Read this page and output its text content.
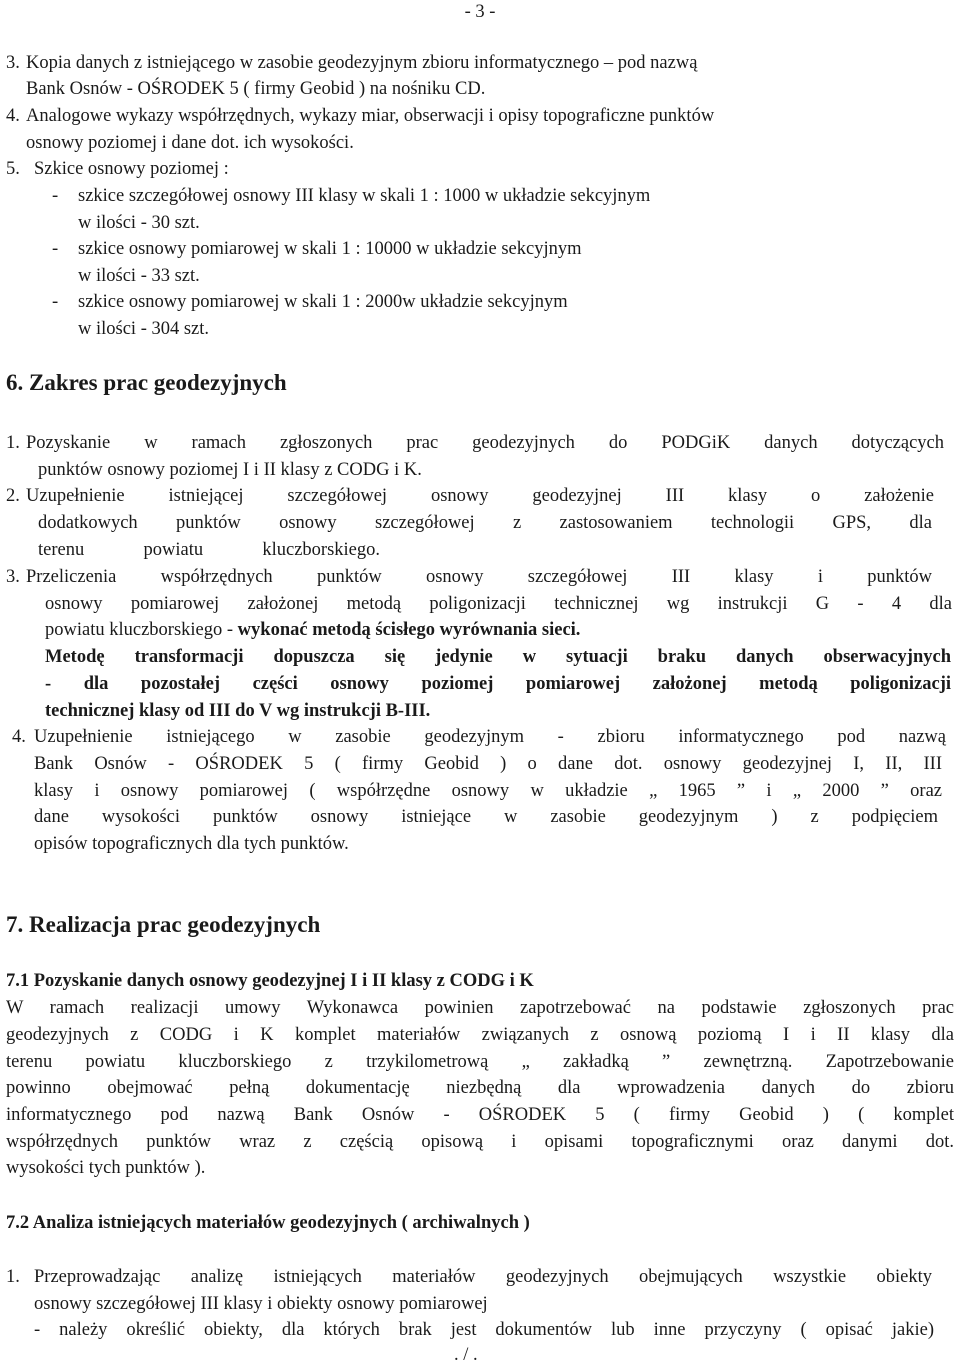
- 3 -
3. Kopia danych z istniejącego w zasobie geodezyjnym zbioru informatycznego – pod nazwą
Bank Osnów - OŚRODEK 5 ( firmy Geobid ) na nośniku CD.
4. Analogowe wykazy współrzędnych, wykazy miar, obserwacji i opisy topograficzne punktów
osnowy poziomej i dane dot. ich wysokości.
5. Szkice osnowy poziomej :
- szkice szczegółowej osnowy III klasy w skali 1 : 1000 w układzie sekcyjnym
w ilości - 30 szt.
- szkice osnowy pomiarowej w skali 1 : 10000 w układzie sekcyjnym
w ilości - 33 szt.
- szkice osnowy pomiarowej w skali 1 : 2000w układzie sekcyjnym
w ilości - 304 szt.
6. Zakres prac geodezyjnych
1. Pozyskanie w ramach zgłoszonych prac geodezyjnych do PODGiK danych dotyczących
punktów osnowy poziomej I i II klasy z CODG i K.
2. Uzupełnienie istniejącej szczegółowej osnowy geodezyjnej III klasy o założenie
dodatkowych punktów osnowy szczegółowej z zastosowaniem technologii GPS, dla
terenu powiatu kluczborskiego.
3. Przeliczenia współrzędnych punktów osnowy szczegółowej III klasy i punktów
osnowy pomiarowej założonej metodą poligonizacji technicznej wg instrukcji G - 4 dla
powiatu kluczborskiego - wykonać metodą ścisłego wyrównania sieci.
Metodę transformacji dopuszcza się jedynie w sytuacji braku danych obserwacyjnych
- dla pozostałej części osnowy poziomej pomiarowej założonej metodą poligonizacji
technicznej klasy od III do V wg instrukcji B-III.
4. Uzupełnienie istniejącego w zasobie geodezyjnym - zbioru informatycznego pod nazwą
Bank Osnów - OŚRODEK 5 ( firmy Geobid ) o dane dot. osnowy geodezyjnej I, II, III
klasy i osnowy pomiarowej ( współrzędne osnowy w układzie „ 1965 ” i „ 2000 ” oraz
dane wysokości punktów osnowy istniejące w zasobie geodezyjnym ) z podpięciem
opisów topograficznych dla tych punktów.
7. Realizacja prac geodezyjnych
7.1 Pozyskanie danych osnowy geodezyjnej I i II klasy z CODG i K
W ramach realizacji umowy Wykonawca powinien zapotrzebować na podstawie zgłoszonych prac
geodezyjnych z CODG i K komplet materiałów związanych z osnową poziomą I i II klasy dla
terenu powiatu kluczborskiego z trzykilometrową „ zakładką ” zewnętrzną. Zapotrzebowanie
powinno obejmować pełną dokumentację niezbędną dla wprowadzenia danych do zbioru
informatycznego pod nazwą Bank Osnów - OŚRODEK 5 ( firmy Geobid ) ( komplet
współrzędnych punktów wraz z częścią opisową i opisami topograficznymi oraz danymi dot.
wysokości tych punktów ).
7.2 Analiza istniejących materiałów geodezyjnych ( archiwalnych )
1. Przeprowadzając analizę istniejących materiałów geodezyjnych obejmujących wszystkie obiekty
osnowy szczegółowej III klasy i obiekty osnowy pomiarowej
- należy określić obiekty, dla których brak jest dokumentów lub inne przyczyny ( opisać jakie)
. / .
